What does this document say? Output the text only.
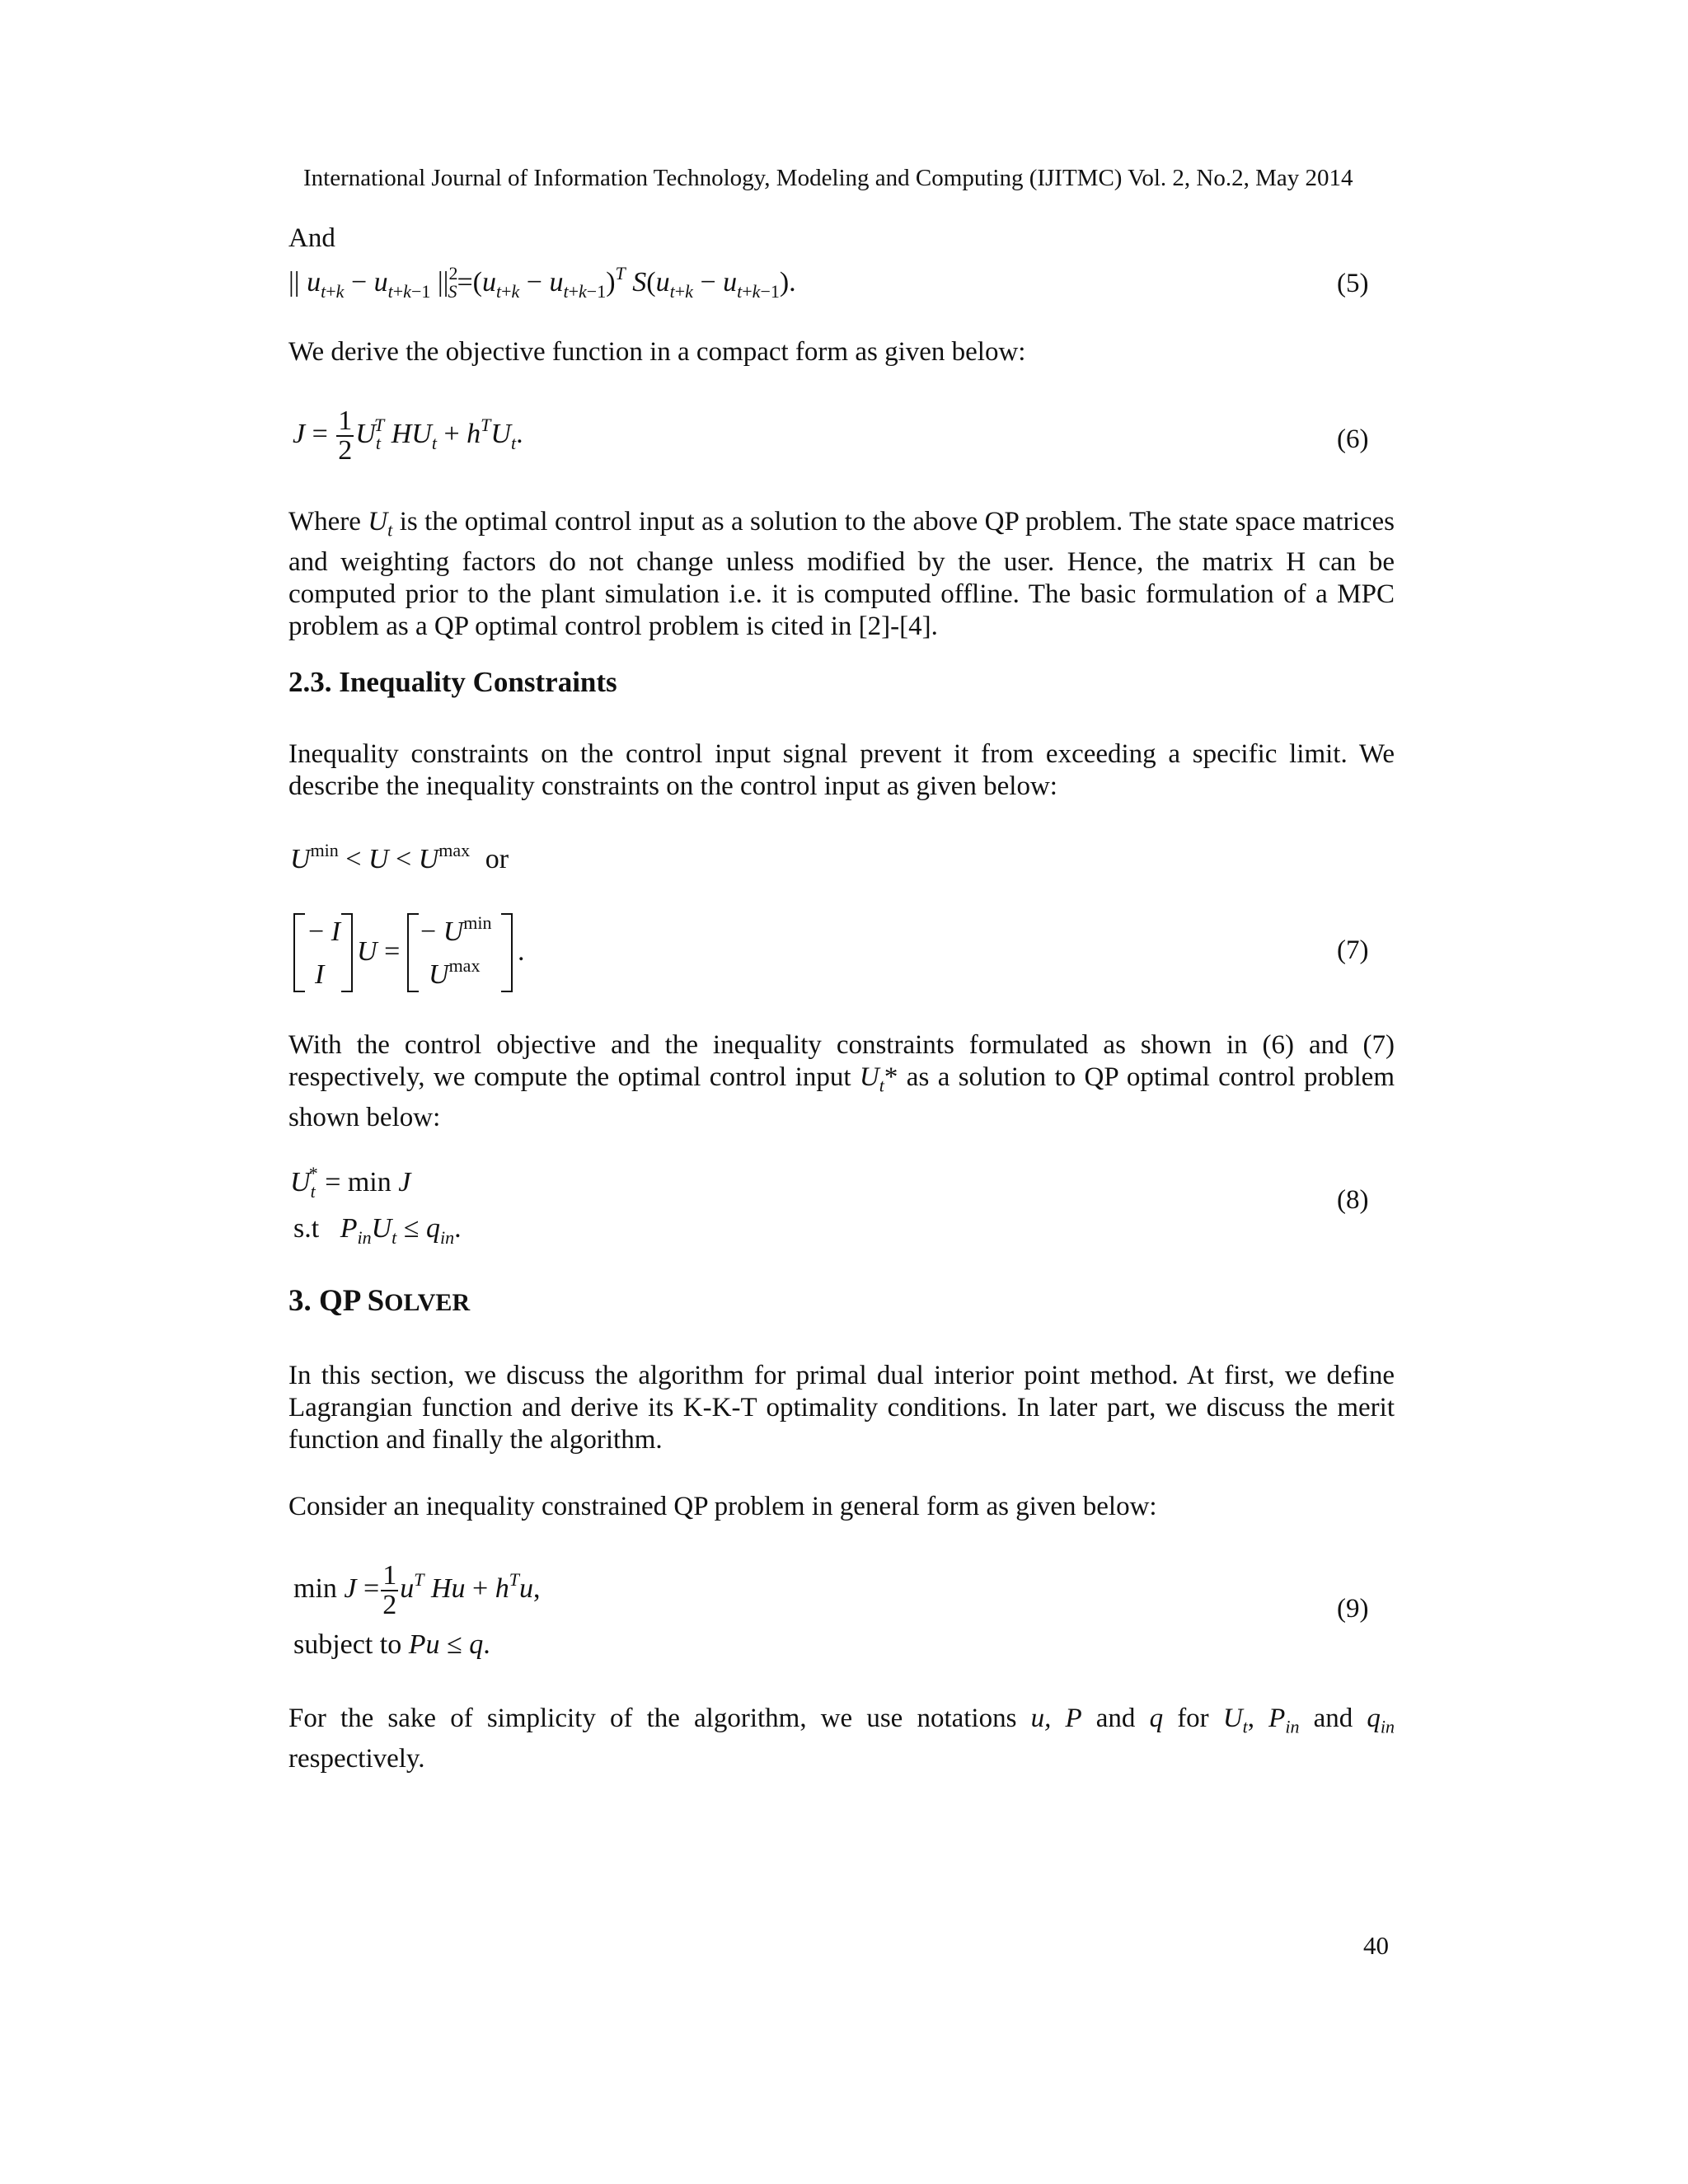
International Journal of Information Technology, Modeling and Computing (IJITMC) Vol. 2, No.2, May 2014
And
|| $u_{t+k} - u_{t+k-1}$ $||^2_S=(u_{t+k} - u_{t+k-1})^T$ $S(u_{t+k} - u_{t+k-1})$.	(5)
We derive the objective function in a compact form as given below:
$J = \frac{1}{2} U_t^T$ $HU_t + h^TU_t$.	(6)

Where $U_t$ is the optimal control input as a solution to the above QP problem. The state space matrices and weighting factors do not change unless modified by the user. Hence, the matrix H can be computed prior to the plant simulation i.e. it is computed offline. The basic formulation of a MPC problem as a QP optimal control problem is cited in [2]-[4].

2.3. Inequality Constraints

Inequality constraints on the control input signal prevent it from exceeding a specific limit. We describe the inequality constraints on the control input as given below:

$U^{min} < U < U^{max}$ or
− I
I
U =
− $U^{min}$
$U^{max}$ .	(7)

With the control objective and the inequality constraints formulated as shown in (6) and (7) respectively, we compute the optimal control input $U_t*$ as a solution to QP optimal control problem shown below:

$U_t^* = \min J$
s.t $P_{in}U_t \le q_{in}$.
(8)
3. QP SOLVER

In this section, we discuss the algorithm for primal dual interior point method. At first, we define Lagrangian function and derive its K-K-T optimality conditions. In later part, we discuss the merit function and finally the algorithm.

Consider an inequality constrained QP problem in general form as given below:
$\min J = \frac{1}{2} u^T$ $Hu + h^Tu$,
subject to Pu ≤ q.
(9)

For the sake of simplicity of the algorithm, we use notations u, P and q for $U_t$, $P_{in}$ and $q_{in}$ respectively.

40
